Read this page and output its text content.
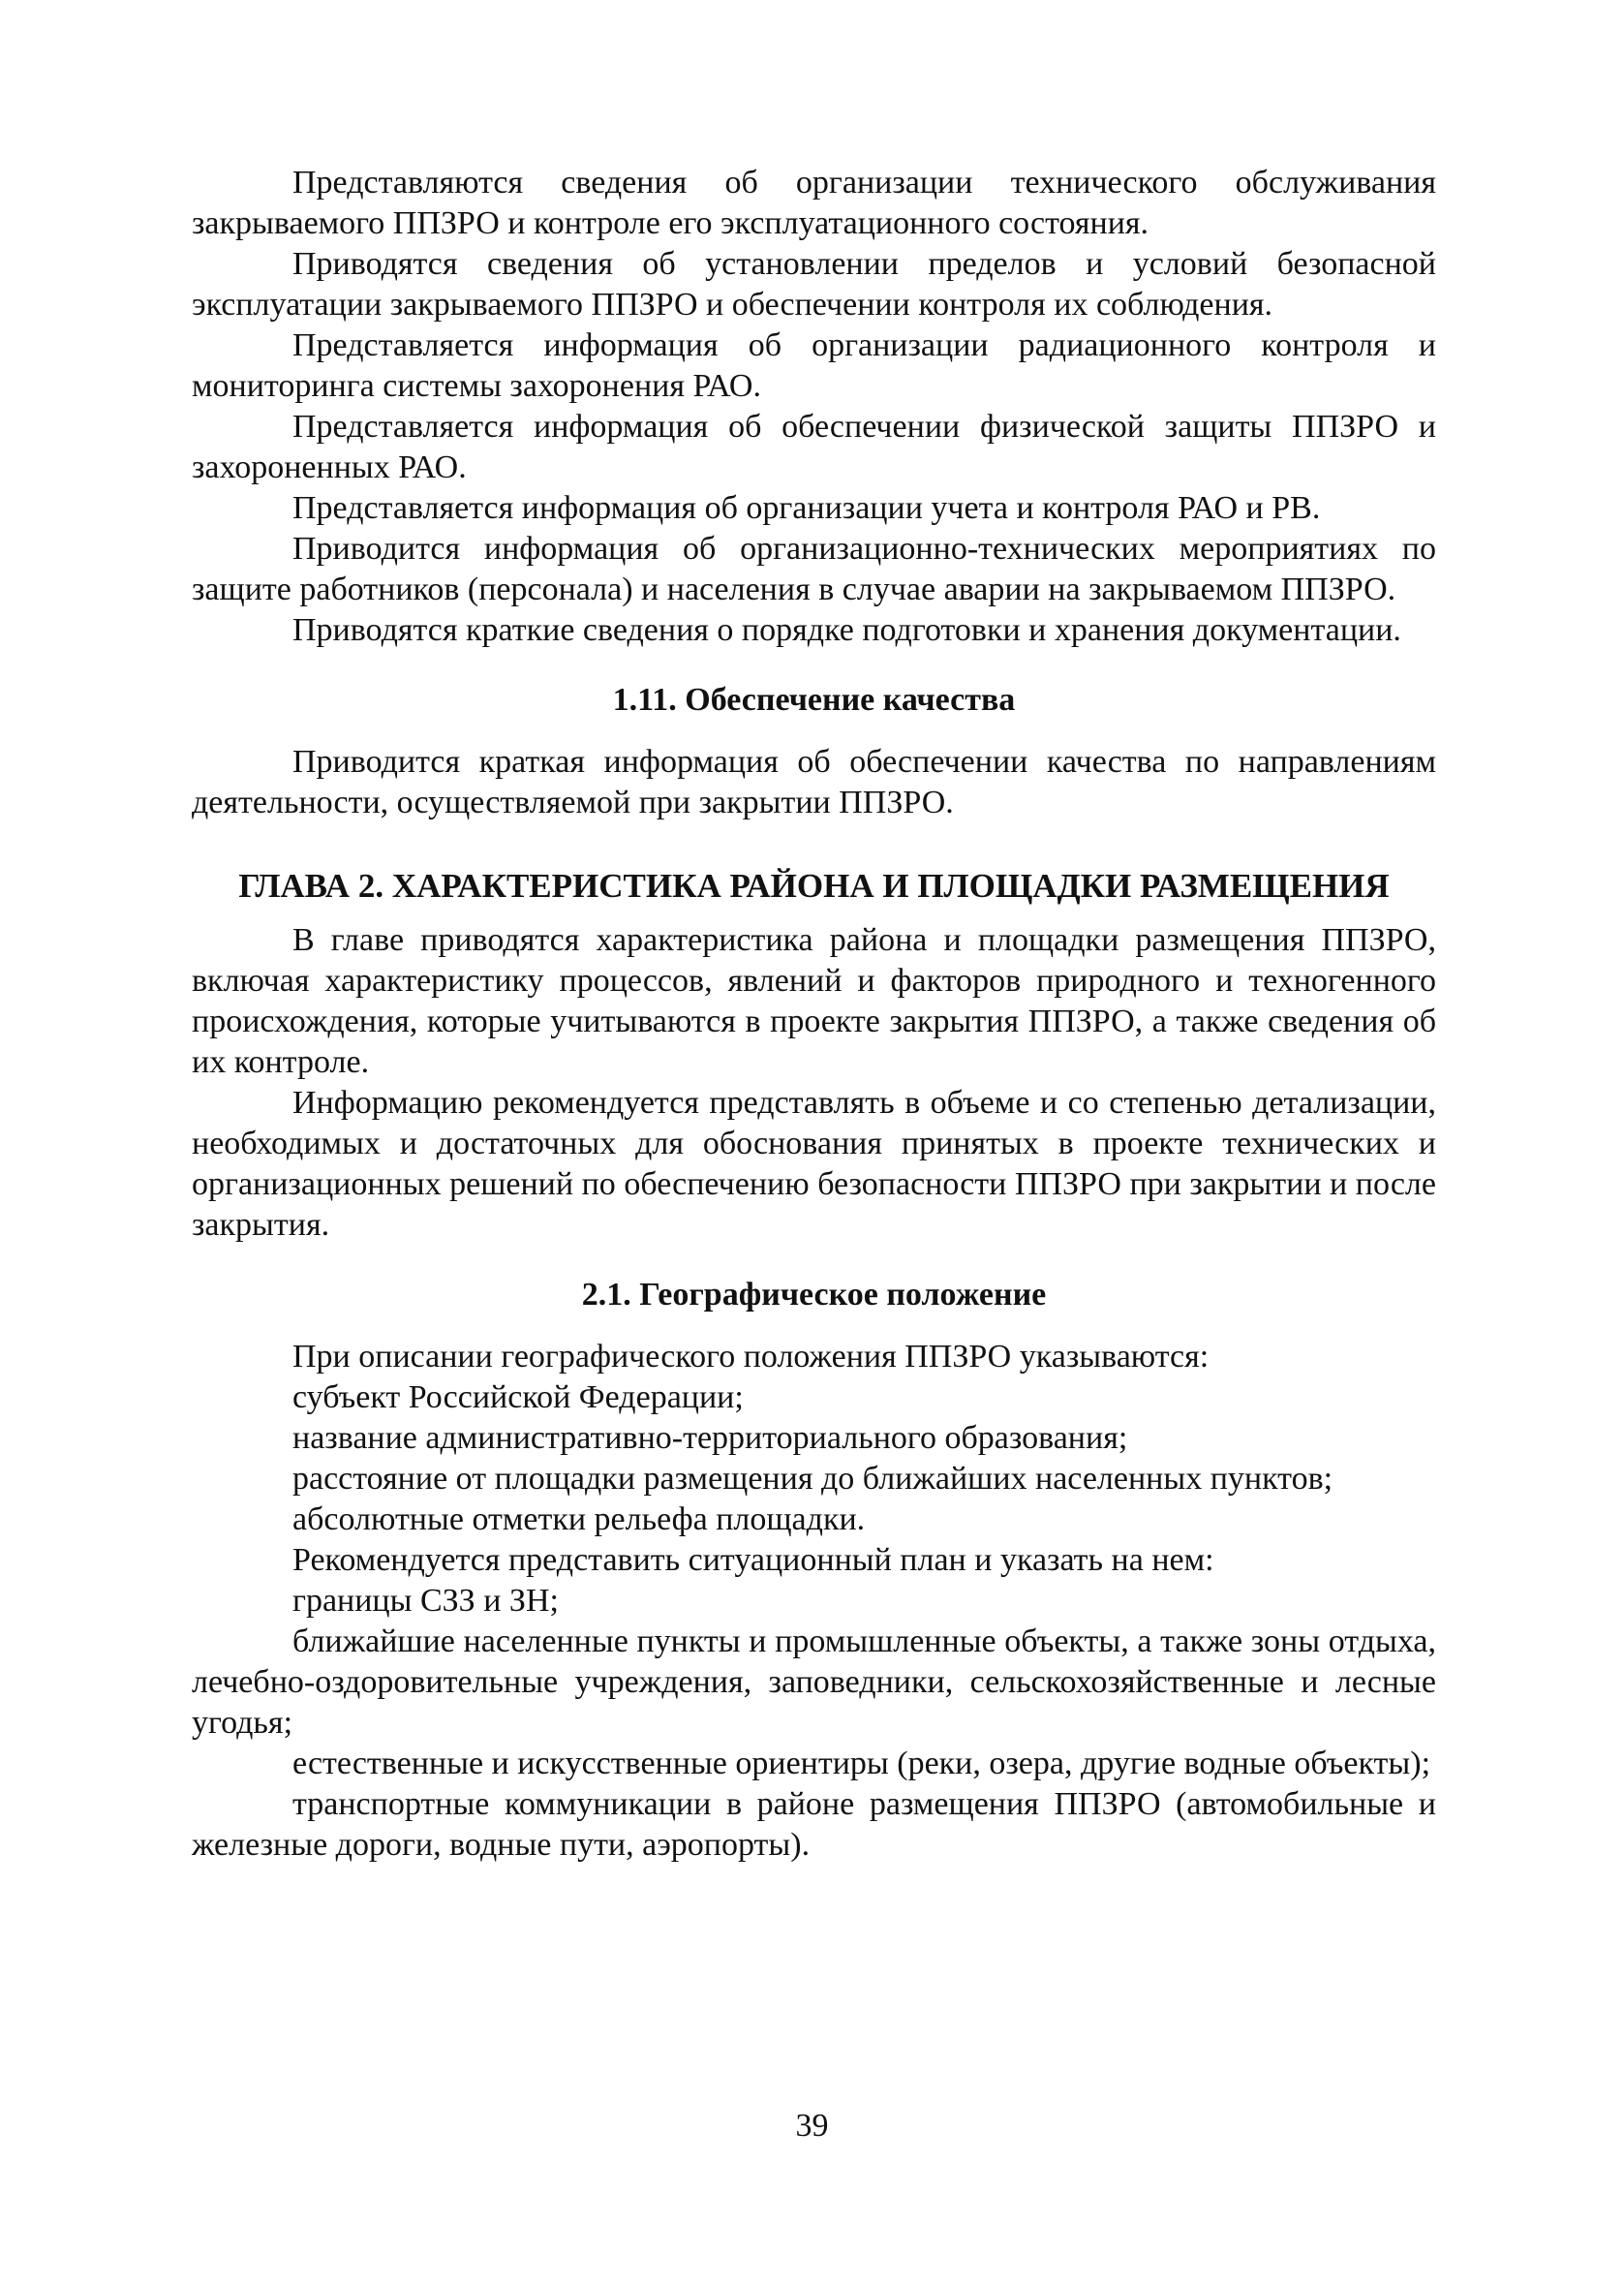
Представляются сведения об организации технического обслуживания закрываемого ППЗРО и контроле его эксплуатационного состояния.

Приводятся сведения об установлении пределов и условий безопасной эксплуатации закрываемого ППЗРО и обеспечении контроля их соблюдения.

Представляется информация об организации радиационного контроля и мониторинга системы захоронения РАО.

Представляется информация об обеспечении физической защиты ППЗРО и захороненных РАО.

Представляется информация об организации учета и контроля РАО и РВ.

Приводится информация об организационно-технических мероприятиях по защите работников (персонала) и населения в случае аварии на закрываемом ППЗРО.

Приводятся краткие сведения о порядке подготовки и хранения документации.

1.11. Обеспечение качества

Приводится краткая информация об обеспечении качества по направлениям деятельности, осуществляемой при закрытии ППЗРО.

ГЛАВА 2. ХАРАКТЕРИСТИКА РАЙОНА И ПЛОЩАДКИ РАЗМЕЩЕНИЯ

В главе приводятся характеристика района и площадки размещения ППЗРО, включая характеристику процессов, явлений и факторов природного и техногенного происхождения, которые учитываются в проекте закрытия ППЗРО, а также сведения об их контроле.

Информацию рекомендуется представлять в объеме и со степенью детализации, необходимых и достаточных для обоснования принятых в проекте технических и организационных решений по обеспечению безопасности ППЗРО при закрытии и после закрытия.

2.1. Географическое положение

При описании географического положения ППЗРО указываются:

субъект Российской Федерации;

название административно-территориального образования;

расстояние от площадки размещения до ближайших населенных пунктов;

абсолютные отметки рельефа площадки.

Рекомендуется представить ситуационный план и указать на нем:

границы СЗЗ и ЗН;

ближайшие населенные пункты и промышленные объекты, а также зоны отдыха, лечебно-оздоровительные учреждения, заповедники, сельскохозяйственные и лесные угодья;

естественные и искусственные ориентиры (реки, озера, другие водные объекты);

транспортные коммуникации в районе размещения ППЗРО (автомобильные и железные дороги, водные пути, аэропорты).

39
